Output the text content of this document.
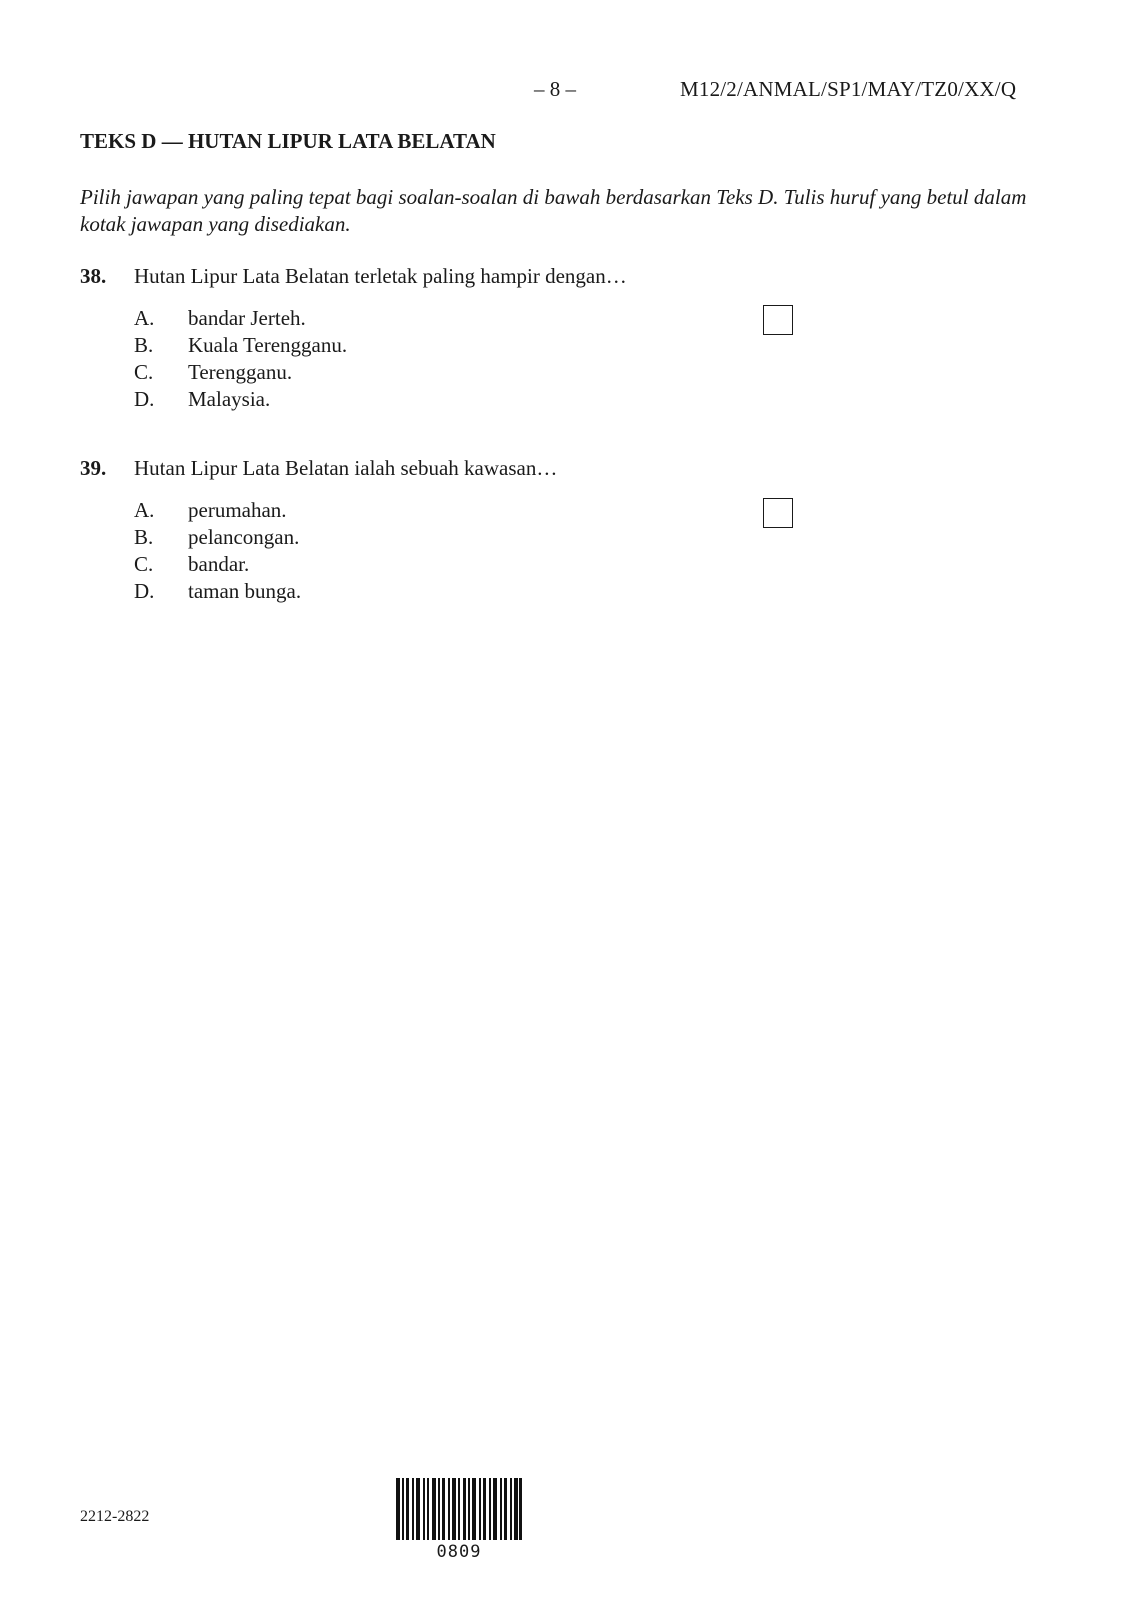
– 8 –	M12/2/ANMAL/SP1/MAY/TZ0/XX/Q
TEKS D — HUTAN LIPUR LATA BELATAN
Pilih jawapan yang paling tepat bagi soalan-soalan di bawah berdasarkan Teks D. Tulis huruf yang betul dalam kotak jawapan yang disediakan.
38. Hutan Lipur Lata Belatan terletak paling hampir dengan…
A. bandar Jerteh.
B. Kuala Terengganu.
C. Terengganu.
D. Malaysia.
39. Hutan Lipur Lata Belatan ialah sebuah kawasan…
A. perumahan.
B. pelancongan.
C. bandar.
D. taman bunga.
2212-2822
0809
